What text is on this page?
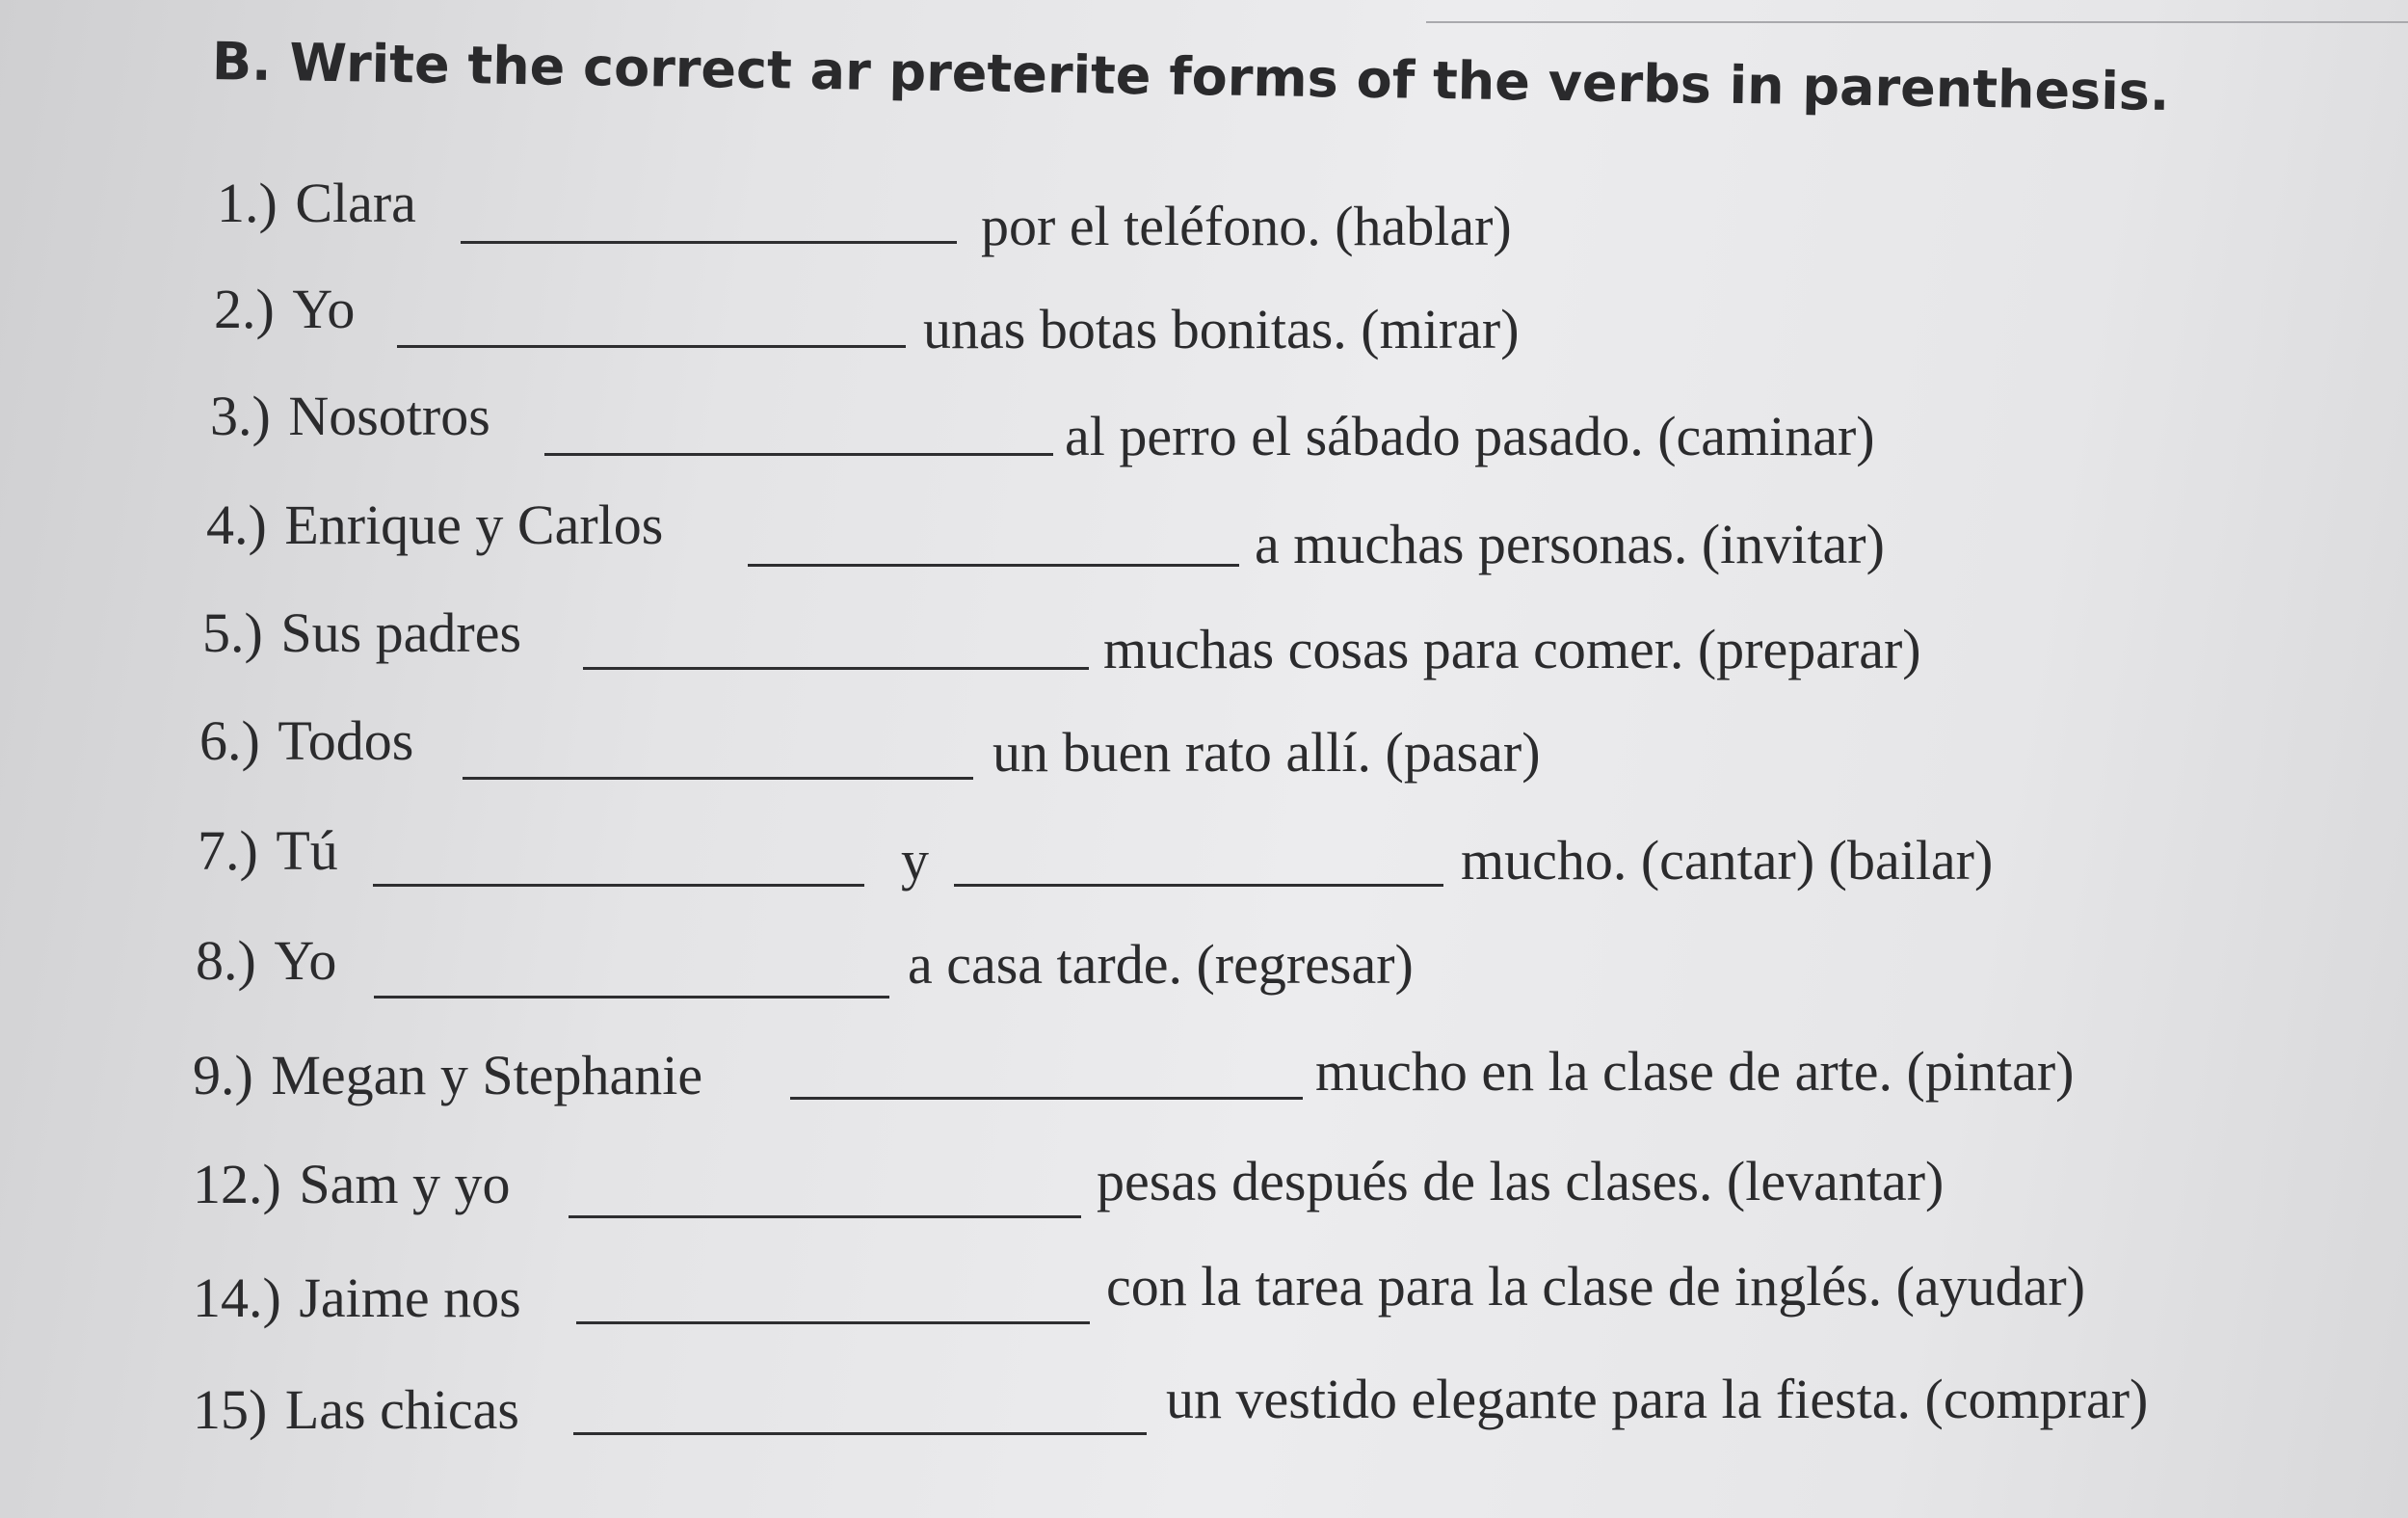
B. Write the correct ar preterite forms of the verbs in parenthesis.
1.) Clara	por el teléfono. (hablar)
2.) Yo	unas botas bonitas. (mirar)
3.) Nosotros	al perro el sábado pasado. (caminar)
4.) Enrique y Carlos	a muchas personas. (invitar)
5.) Sus padres	muchas cosas para comer. (preparar)
6.) Todos	un buen rato allí. (pasar)
7.) Tú	y	mucho. (cantar) (bailar)
8.) Yo	a casa tarde. (regresar)
9.) Megan y Stephanie	mucho en la clase de arte. (pintar)
12.) Sam y yo	pesas después de las clases. (levantar)
14.) Jaime nos	con la tarea para la clase de inglés. (ayudar)
15) Las chicas	un vestido elegante para la fiesta. (comprar)
